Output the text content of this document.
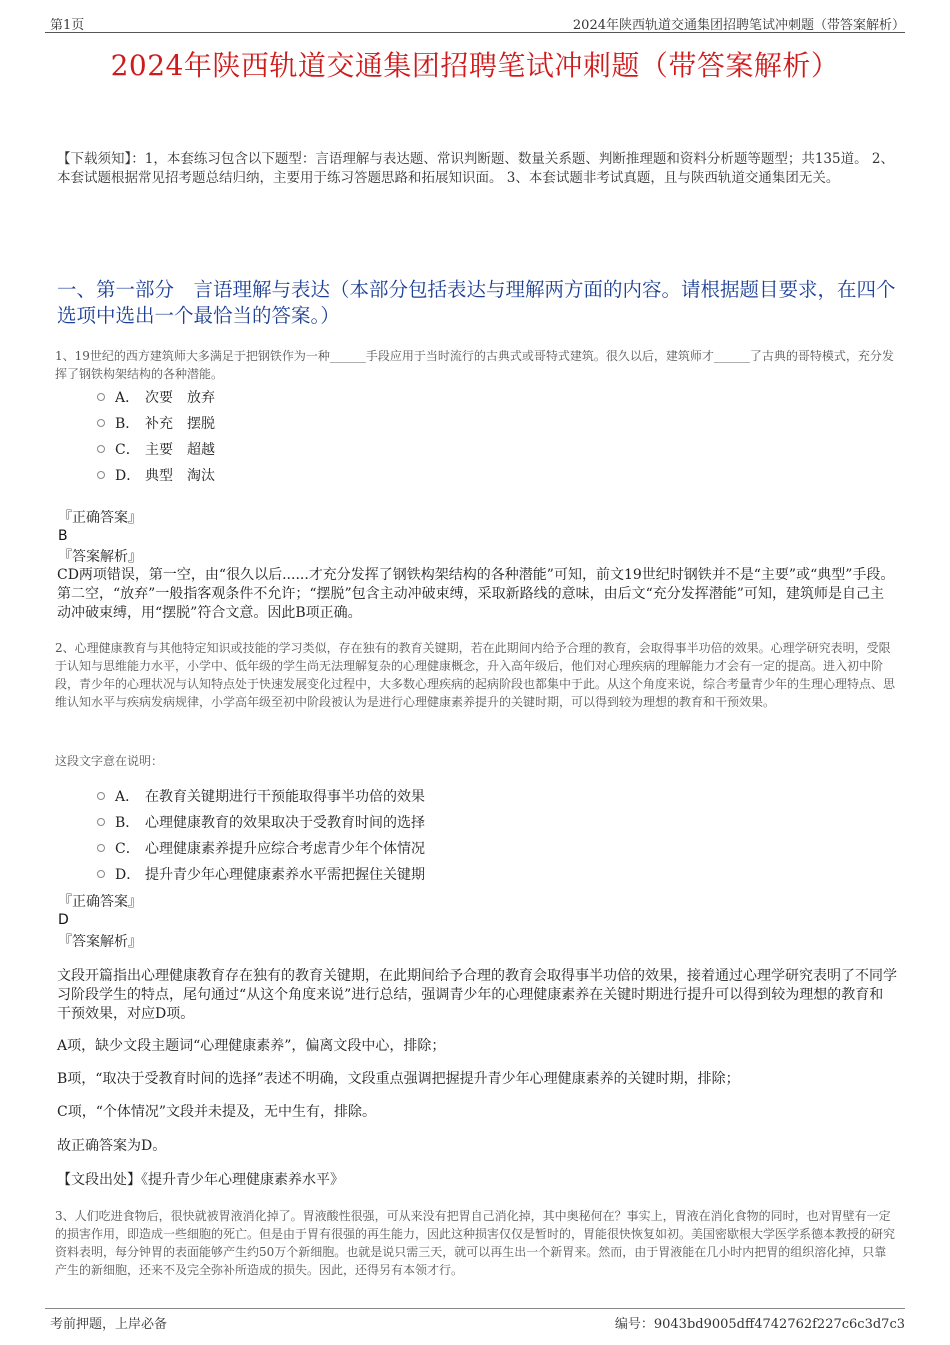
第1页	2024年陕西轨道交通集团招聘笔试冲刺题（带答案解析）
2024年陕西轨道交通集团招聘笔试冲刺题（带答案解析）
【下载须知】：1，本套练习包含以下题型：言语理解与表达题、常识判断题、数量关系题、判断推理题和资料分析题等题型；共135道。 2、本套试题根据常见招考题总结归纳，主要用于练习答题思路和拓展知识面。 3、本套试题非考试真题，且与陕西轨道交通集团无关。
一、第一部分　言语理解与表达（本部分包括表达与理解两方面的内容。请根据题目要求，在四个选项中选出一个最恰当的答案。）
1、19世纪的西方建筑师大多满足于把钢铁作为一种______手段应用于当时流行的古典式或哥特式建筑。很久以后，建筑师才______了古典的哥特模式，充分发挥了钢铁构架结构的各种潜能。
A． 次要　放弃
B． 补充　摆脱
C． 主要　超越
D． 典型　淘汰
『正确答案』
B
『答案解析』
CD两项错误，第一空，由“很久以后......才充分发挥了钢铁构架结构的各种潜能”可知，前文19世纪时钢铁并不是“主要”或“典型”手段。第二空，“放弃”一般指客观条件不允许；“摆脱”包含主动冲破束缚，采取新路线的意味，由后文“充分发挥潜能”可知，建筑师是自己主动冲破束缚，用“摆脱”符合文意。因此B项正确。
2、心理健康教育与其他特定知识或技能的学习类似，存在独有的教育关键期，若在此期间内给予合理的教育，会取得事半功倍的效果。心理学研究表明，受限于认知与思维能力水平，小学中、低年级的学生尚无法理解复杂的心理健康概念，升入高年级后，他们对心理疾病的理解能力才会有一定的提高。进入初中阶段，青少年的心理状况与认知特点处于快速发展变化过程中，大多数心理疾病的起病阶段也都集中于此。从这个角度来说，综合考量青少年的生理心理特点、思维认知水平与疾病发病规律，小学高年级至初中阶段被认为是进行心理健康素养提升的关键时期，可以得到较为理想的教育和干预效果。
这段文字意在说明：
A． 在教育关键期进行干预能取得事半功倍的效果
B． 心理健康教育的效果取决于受教育时间的选择
C． 心理健康素养提升应综合考虑青少年个体情况
D． 提升青少年心理健康素养水平需把握住关键期
『正确答案』
D
『答案解析』
文段开篇指出心理健康教育存在独有的教育关键期，在此期间给予合理的教育会取得事半功倍的效果，接着通过心理学研究表明了不同学习阶段学生的特点，尾句通过“从这个角度来说”进行总结，强调青少年的心理健康素养在关键时期进行提升可以得到较为理想的教育和干预效果，对应D项。
A项，缺少文段主题词“心理健康素养”，偏离文段中心，排除；
B项，“取决于受教育时间的选择”表述不明确，文段重点强调把握提升青少年心理健康素养的关键时期，排除；
C项，“个体情况”文段并未提及，无中生有，排除。
故正确答案为D。
【文段出处】《提升青少年心理健康素养水平》
3、人们吃进食物后，很快就被胃液消化掉了。胃液酸性很强，可从来没有把胃自己消化掉，其中奥秘何在？事实上，胃液在消化食物的同时，也对胃壁有一定的损害作用，即造成一些细胞的死亡。但是由于胃有很强的再生能力，因此这种损害仅仅是暂时的，胃能很快恢复如初。美国密歇根大学医学系德本教授的研究资料表明，每分钟胃的表面能够产生约50万个新细胞。也就是说只需三天，就可以再生出一个新胃来。然而，由于胃液能在几小时内把胃的组织溶化掉，只靠产生的新细胞，还来不及完全弥补所造成的损失。因此，还得另有本领才行。
考前押题，上岸必备	编号：9043bd9005dff4742762f227c6c3d7c3
